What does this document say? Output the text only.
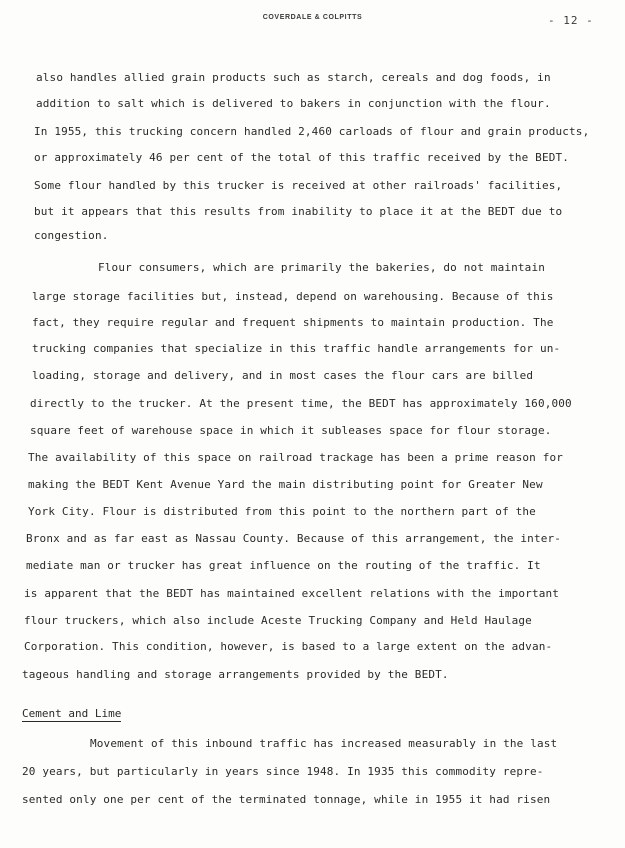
COVERDALE & COLPITTS	- 12 -
also handles allied grain products such as starch, cereals and dog foods, in
addition to salt which is delivered to bakers in conjunction with the flour.
In 1955, this trucking concern handled 2,460 carloads of flour and grain products,
or approximately 46 per cent of the total of this traffic received by the BEDT.
Some flour handled by this trucker is received at other railroads' facilities,
but it appears that this results from inability to place it at the BEDT due to
congestion.
Flour consumers, which are primarily the bakeries, do not maintain
large storage facilities but, instead, depend on warehousing. Because of this
fact, they require regular and frequent shipments to maintain production. The
trucking companies that specialize in this traffic handle arrangements for un-
loading, storage and delivery, and in most cases the flour cars are billed
directly to the trucker. At the present time, the BEDT has approximately 160,000
square feet of warehouse space in which it subleases space for flour storage.
The availability of this space on railroad trackage has been a prime reason for
making the BEDT Kent Avenue Yard the main distributing point for Greater New
York City. Flour is distributed from this point to the northern part of the
Bronx and as far east as Nassau County. Because of this arrangement, the inter-
mediate man or trucker has great influence on the routing of the traffic. It
is apparent that the BEDT has maintained excellent relations with the important
flour truckers, which also include Aceste Trucking Company and Held Haulage
Corporation. This condition, however, is based to a large extent on the advan-
tageous handling and storage arrangements provided by the BEDT.
Cement and Lime
Movement of this inbound traffic has increased measurably in the last
20 years, but particularly in years since 1948. In 1935 this commodity repre-
sented only one per cent of the terminated tonnage, while in 1955 it had risen
